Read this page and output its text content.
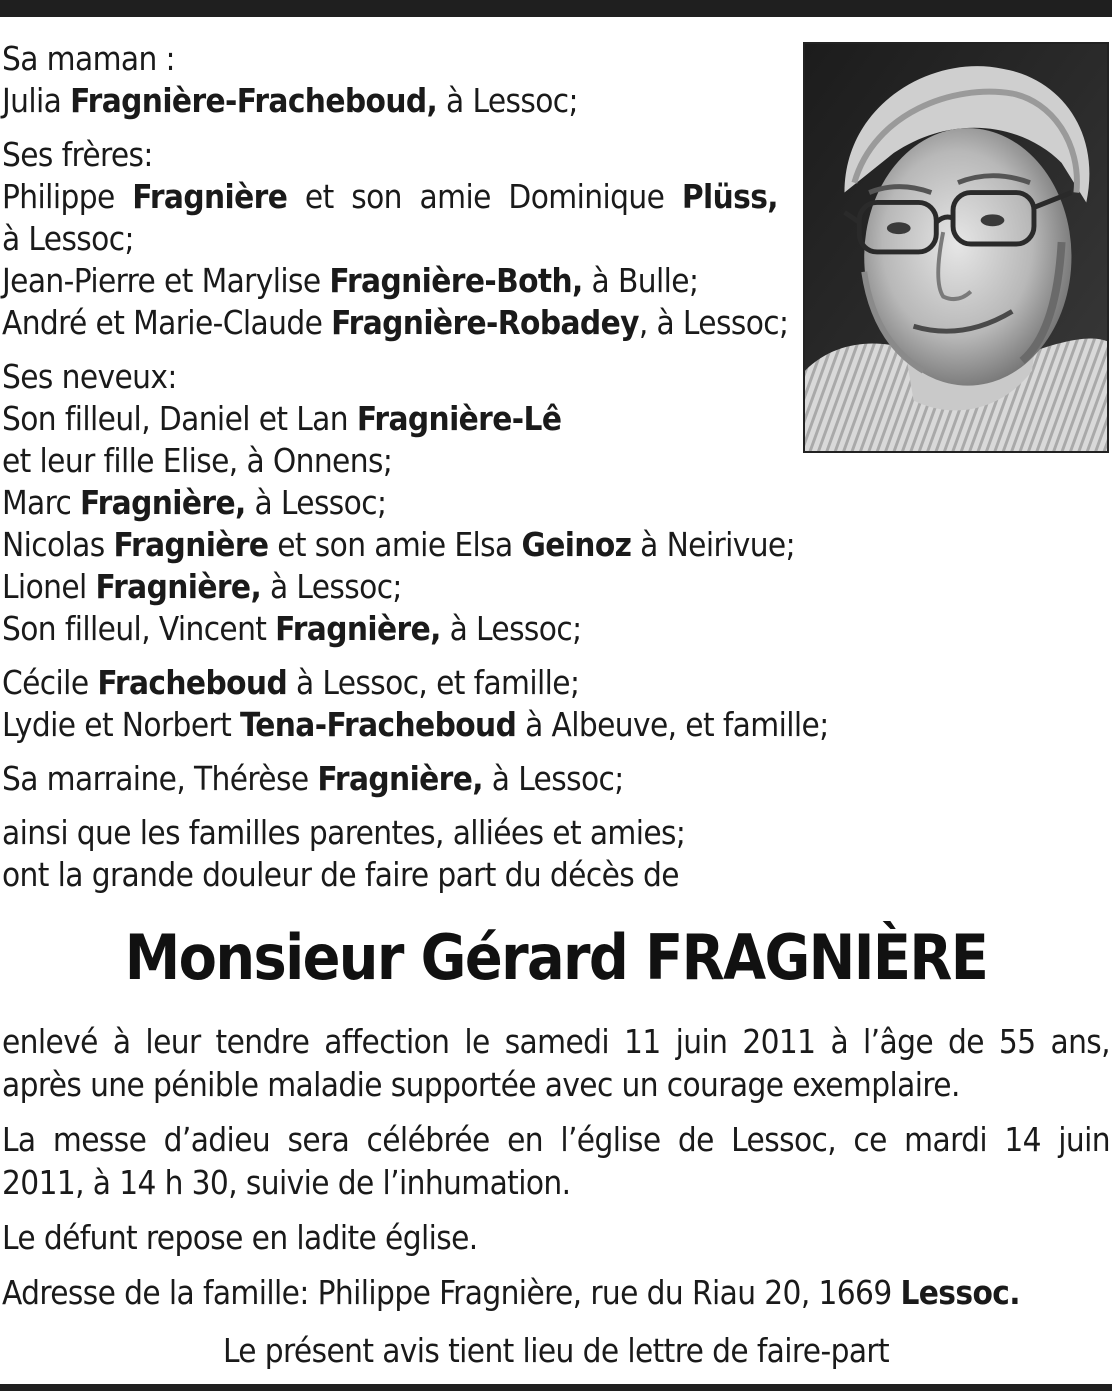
Sa maman :
Julia Fragnière-Fracheboud, à Lessoc;
Ses frères:
Philippe Fragnière et son amie Dominique Plüss,
à Lessoc;
Jean-Pierre et Marylise Fragnière-Both, à Bulle;
André et Marie-Claude Fragnière-Robadey, à Lessoc;
Ses neveux:
Son filleul, Daniel et Lan Fragnière-Lê
et leur fille Elise, à Onnens;
Marc Fragnière, à Lessoc;
Nicolas Fragnière et son amie Elsa Geinoz à Neirivue;
Lionel Fragnière, à Lessoc;
Son filleul, Vincent Fragnière, à Lessoc;
Cécile Fracheboud à Lessoc, et famille;
Lydie et Norbert Tena-Fracheboud à Albeuve, et famille;
Sa marraine, Thérèse Fragnière, à Lessoc;
ainsi que les familles parentes, alliées et amies;
ont la grande douleur de faire part du décès de
Monsieur Gérard FRAGNIÈRE
enlevé à leur tendre affection le samedi 11 juin 2011 à l’âge de 55 ans,
après une pénible maladie supportée avec un courage exemplaire.
La messe d’adieu sera célébrée en l’église de Lessoc, ce mardi 14 juin
2011, à 14 h 30, suivie de l’inhumation.
Le défunt repose en ladite église.
Adresse de la famille: Philippe Fragnière, rue du Riau 20, 1669 Lessoc.
Le présent avis tient lieu de lettre de faire-part
